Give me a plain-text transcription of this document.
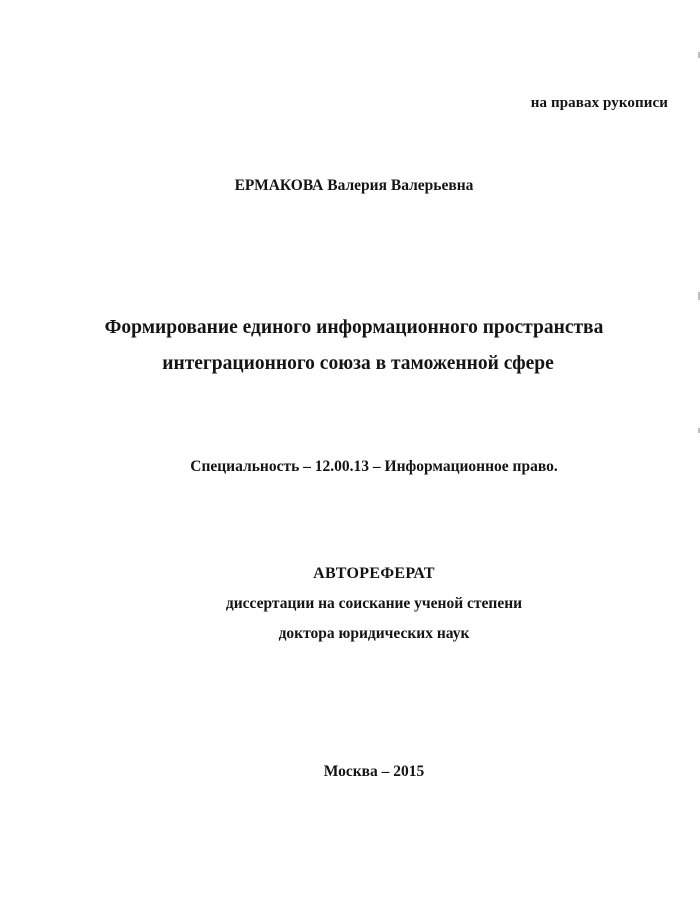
на правах рукописи

ЕРМАКОВА Валерия Валерьевна

Формирование единого информационного пространства

интеграционного союза в таможенной сфере

Специальность – 12.00.13 – Информационное право.

АВТОРЕФЕРАТ

диссертации на соискание ученой степени

доктора юридических наук

Москва – 2015
